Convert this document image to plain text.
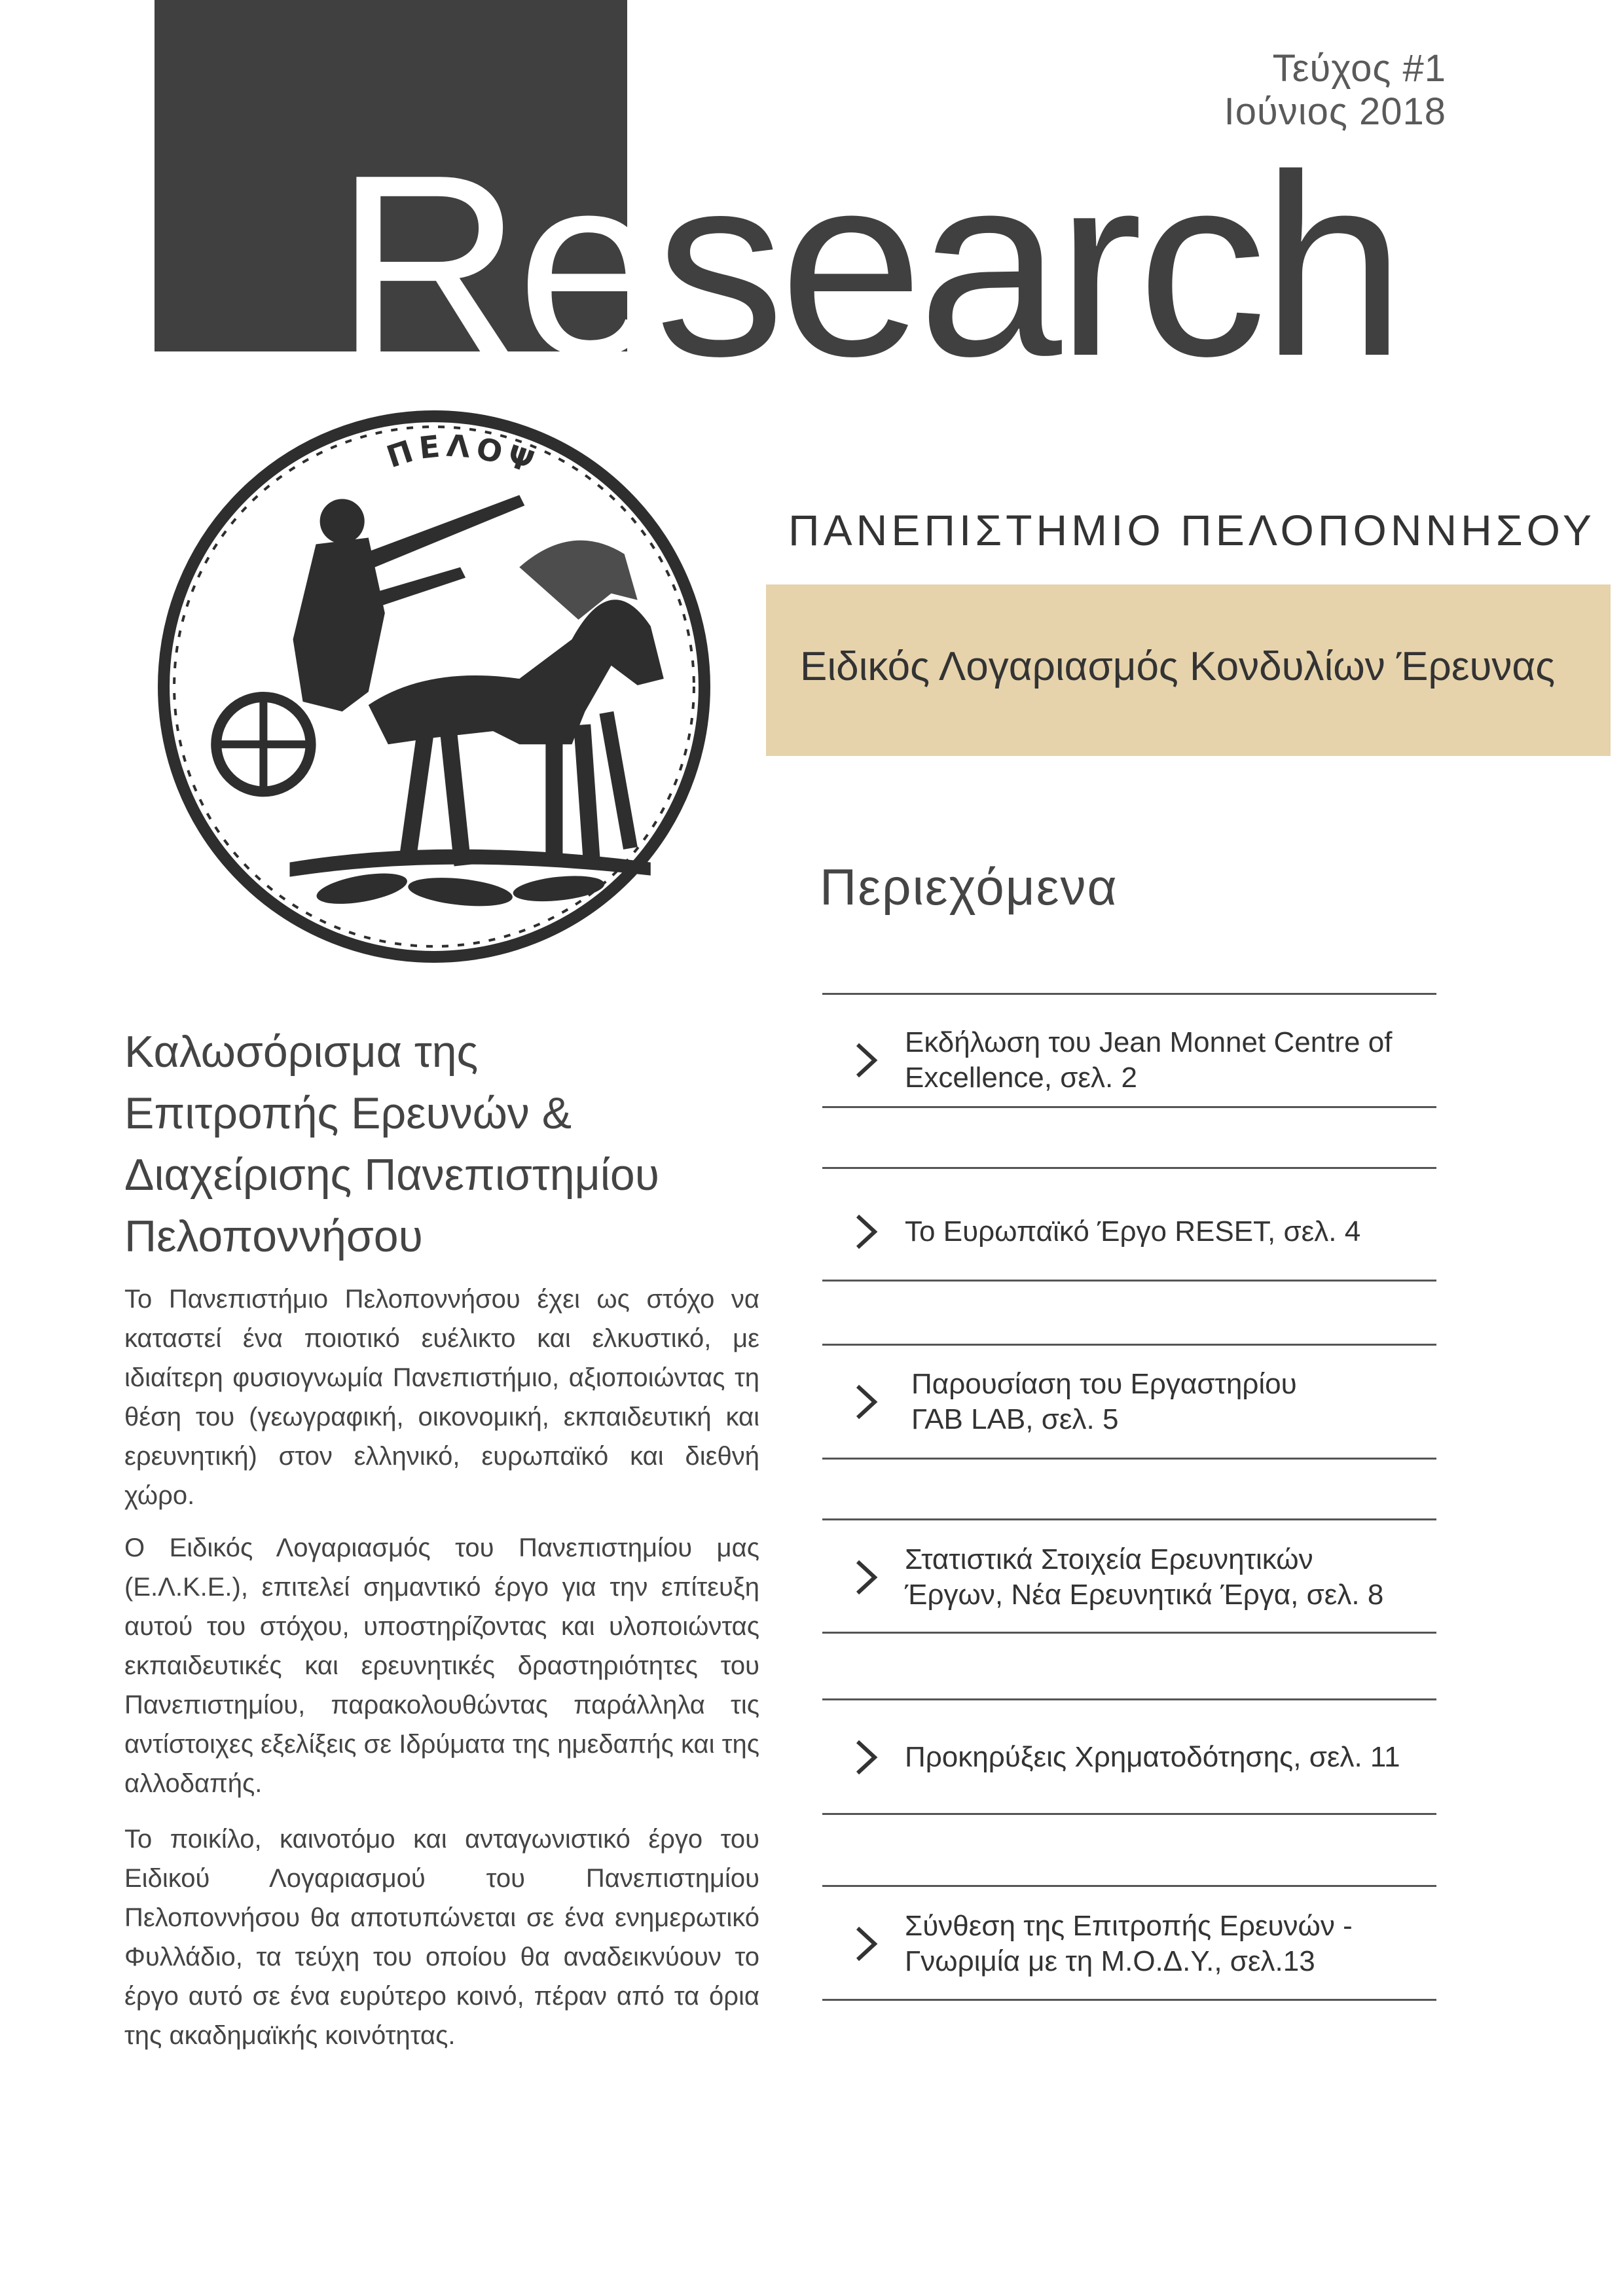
Τεύχος #1
Ιούνιος 2018
Research
ΠΕΛΟΨ
ΠΑΝΕΠΙΣΤΗΜΙΟ ΠΕΛΟΠΟΝΝΗΣΟΥ
Ειδικός Λογαριασμός Κονδυλίων Έρευνας
Περιεχόμενα
Εκδήλωση του Jean Monnet Centre of
Excellence, σελ. 2
Το Ευρωπαϊκό Έργο RESET, σελ. 4
Παρουσίαση του Εργαστηρίου
ΓΑΒ LAB, σελ. 5
Στατιστικά Στοιχεία Ερευνητικών
Έργων, Νέα Ερευνητικά Έργα, σελ. 8
Προκηρύξεις Χρηματοδότησης, σελ. 11
Σύνθεση της Επιτροπής Ερευνών -
Γνωριμία με τη Μ.Ο.Δ.Υ., σελ.13
Καλωσόρισμα της
Επιτροπής Ερευνών &
Διαχείρισης Πανεπιστημίου
Πελοποννήσου

Το Πανεπιστήμιο Πελοποννήσου έχει ως στόχο να καταστεί ένα ποιοτικό ευέλικτο και ελκυστικό, με ιδιαίτερη φυσιογνωμία Πανεπιστήμιο, αξιοποιώντας τη θέση του (γεωγραφική, οικονομική, εκπαιδευτική και ερευνητική) στον ελληνικό, ευρωπαϊκό και διεθνή χώρο.

Ο Ειδικός Λογαριασμός του Πανεπιστημίου μας (Ε.Λ.Κ.Ε.), επιτελεί σημαντικό έργο για την επίτευξη αυτού του στόχου, υποστηρίζοντας και υλοποιώντας εκπαιδευτικές και ερευνητικές δραστηριότητες του Πανεπιστημίου, παρακολουθώντας παράλληλα τις αντίστοιχες εξελίξεις σε Ιδρύματα της ημεδαπής και της αλλοδαπής.

Το ποικίλο, καινοτόμο και ανταγωνιστικό έργο του Ειδικού Λογαριασμού του Πανεπιστημίου Πελοποννήσου θα αποτυπώνεται σε ένα ενημερωτικό Φυλλάδιο, τα τεύχη του οποίου θα αναδεικνύουν το έργο αυτό σε ένα ευρύτερο κοινό, πέραν από τα όρια της ακαδημαϊκής κοινότητας.
